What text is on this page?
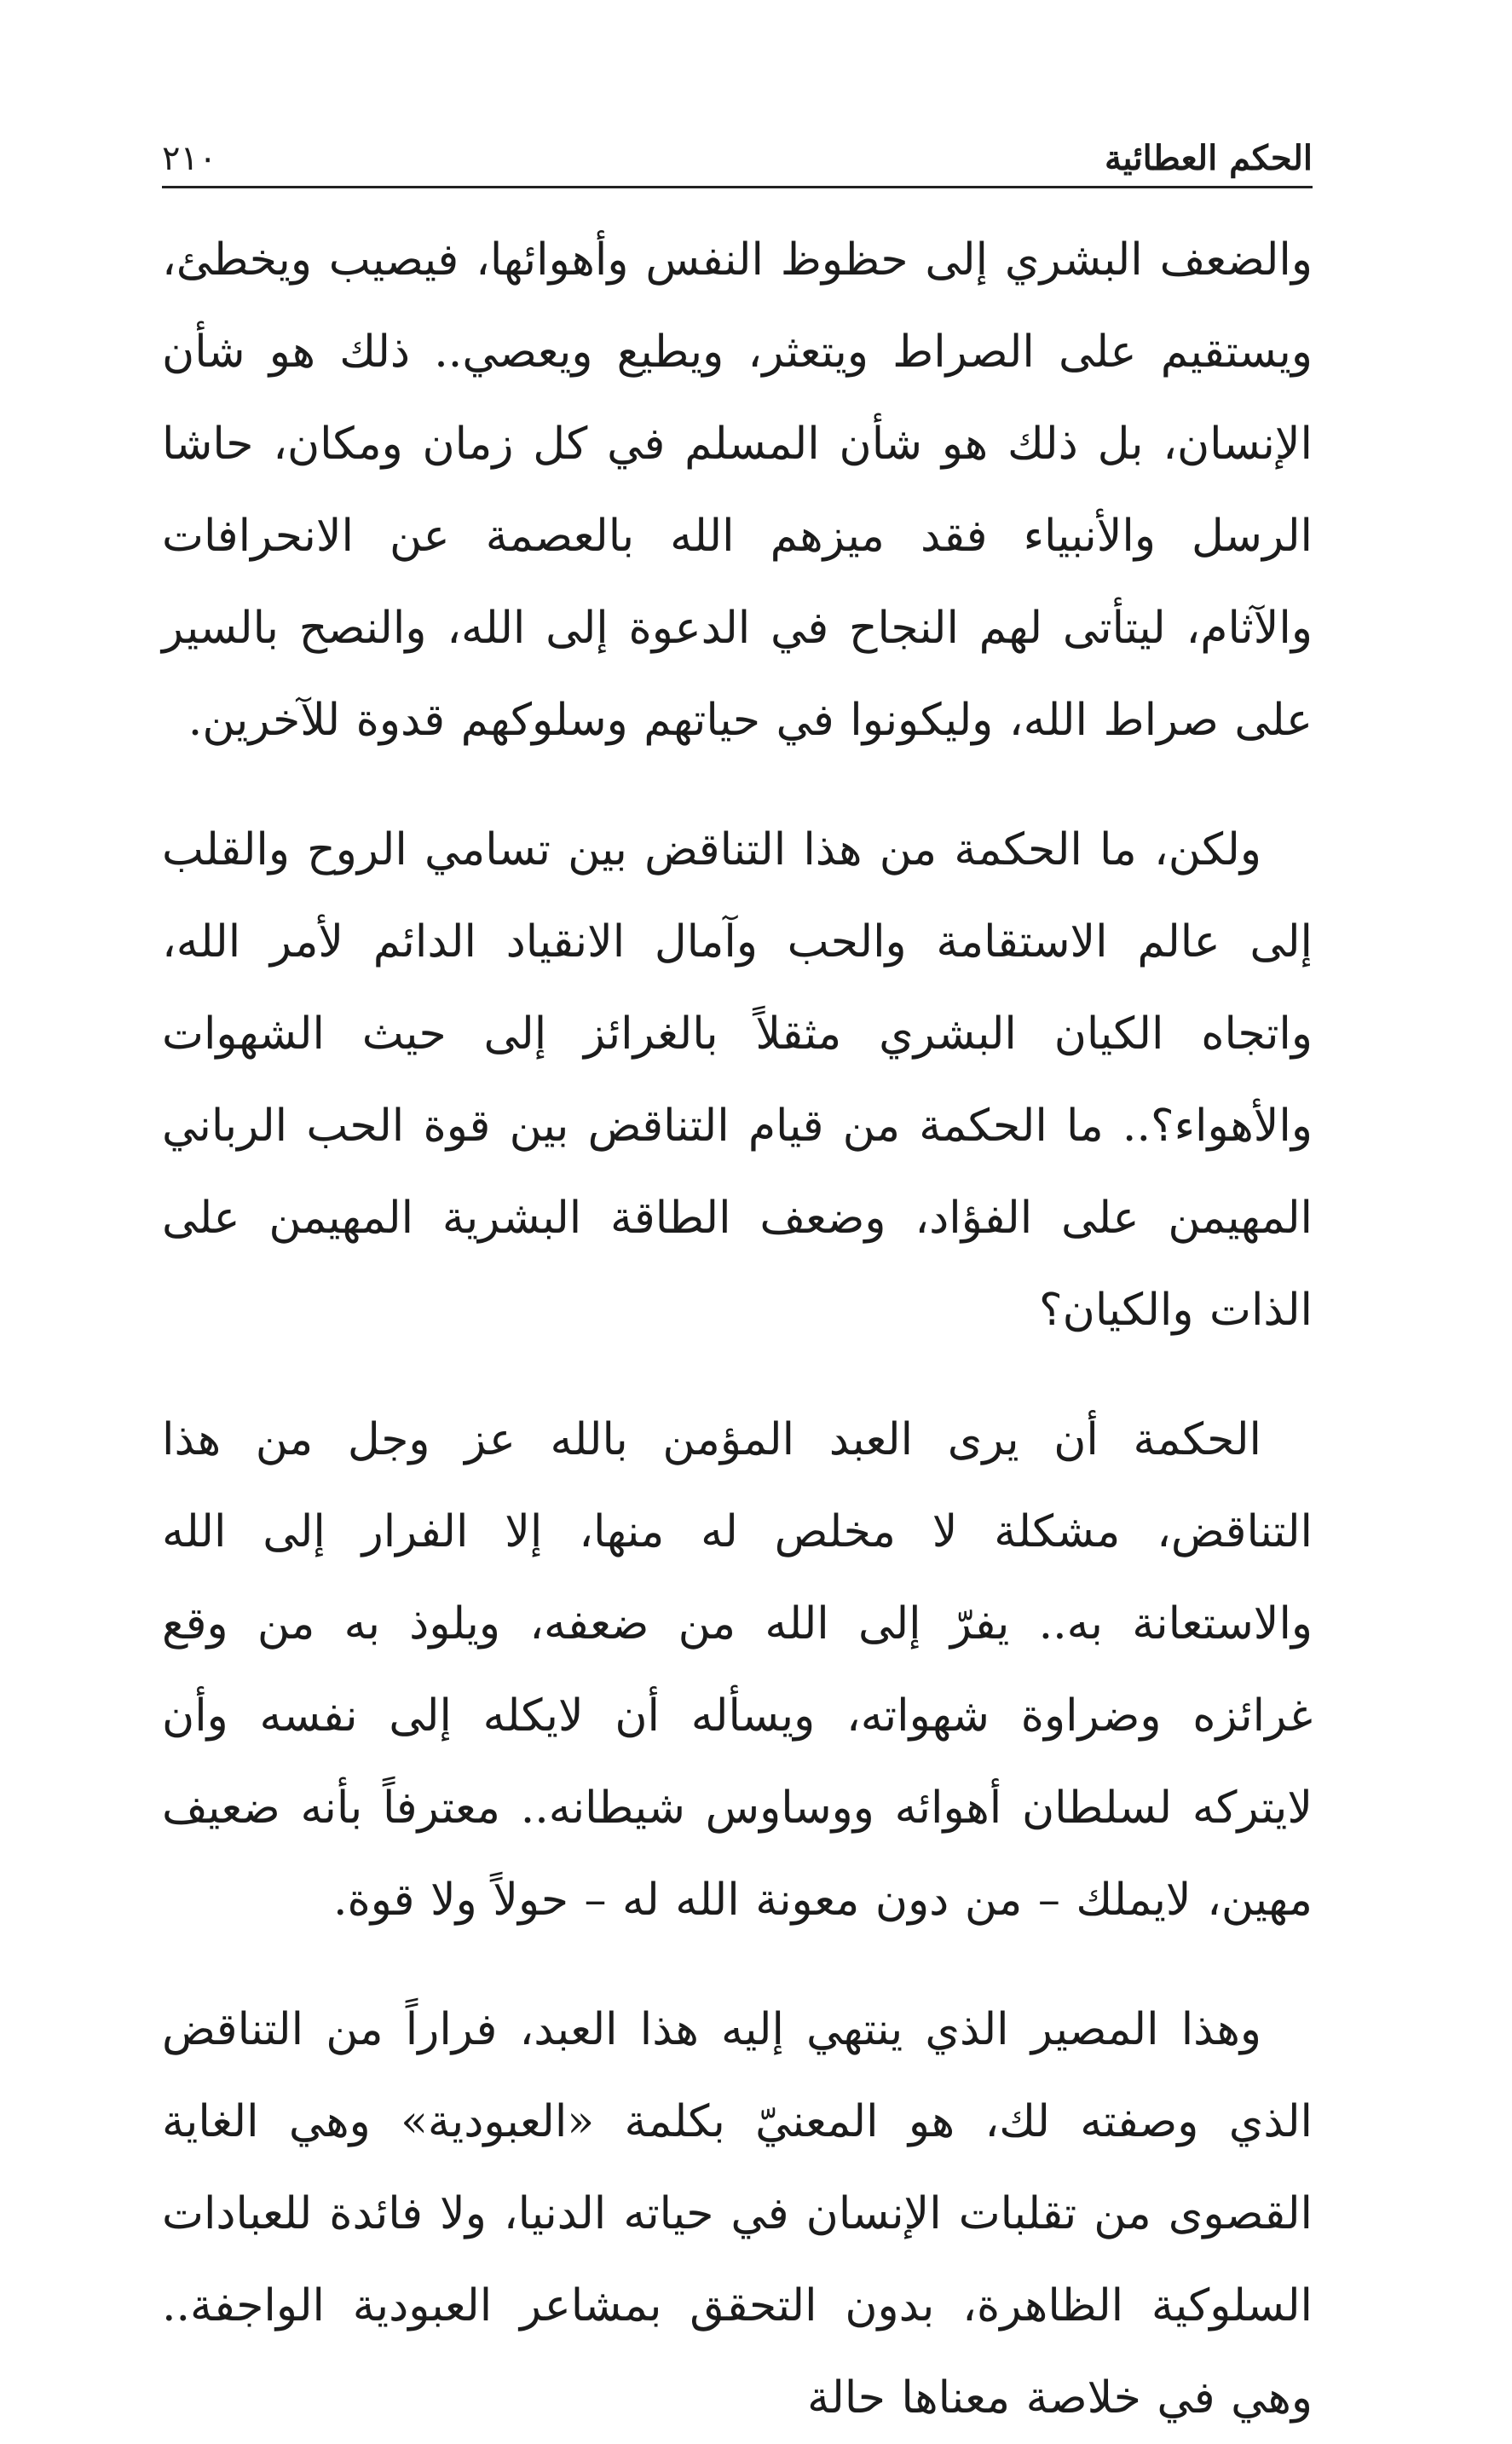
الحكم العطائية
٢١٠

والضعف البشري إلى حظوظ النفس وأهوائها، فيصيب ويخطئ، ويستقيم على الصراط ويتعثر، ويطيع ويعصي.. ذلك هو شأن الإنسان، بل ذلك هو شأن المسلم في كل زمان ومكان، حاشا الرسل والأنبياء فقد ميزهم الله بالعصمة عن الانحرافات والآثام، ليتأتى لهم النجاح في الدعوة إلى الله، والنصح بالسير على صراط الله، وليكونوا في حياتهم وسلوكهم قدوة للآخرين.

ولكن، ما الحكمة من هذا التناقض بين تسامي الروح والقلب إلى عالم الاستقامة والحب وآمال الانقياد الدائم لأمر الله، واتجاه الكيان البشري مثقلاً بالغرائز إلى حيث الشهوات والأهواء؟.. ما الحكمة من قيام التناقض بين قوة الحب الرباني المهيمن على الفؤاد، وضعف الطاقة البشرية المهيمن على الذات والكيان؟

الحكمة أن يرى العبد المؤمن بالله عز وجل من هذا التناقض، مشكلة لا مخلص له منها، إلا الفرار إلى الله والاستعانة به.. يفرّ إلى الله من ضعفه، ويلوذ به من وقع غرائزه وضراوة شهواته، ويسأله أن لايكله إلى نفسه وأن لايتركه لسلطان أهوائه ووساوس شيطانه.. معترفاً بأنه ضعيف مهين، لايملك – من دون معونة الله له – حولاً ولا قوة.

وهذا المصير الذي ينتهي إليه هذا العبد، فراراً من التناقض الذي وصفته لك، هو المعنيّ بكلمة «العبودية» وهي الغاية القصوى من تقلبات الإنسان في حياته الدنيا، ولا فائدة للعبادات السلوكية الظاهرة، بدون التحقق بمشاعر العبودية الواجفة.. وهي في خلاصة معناها حالة
